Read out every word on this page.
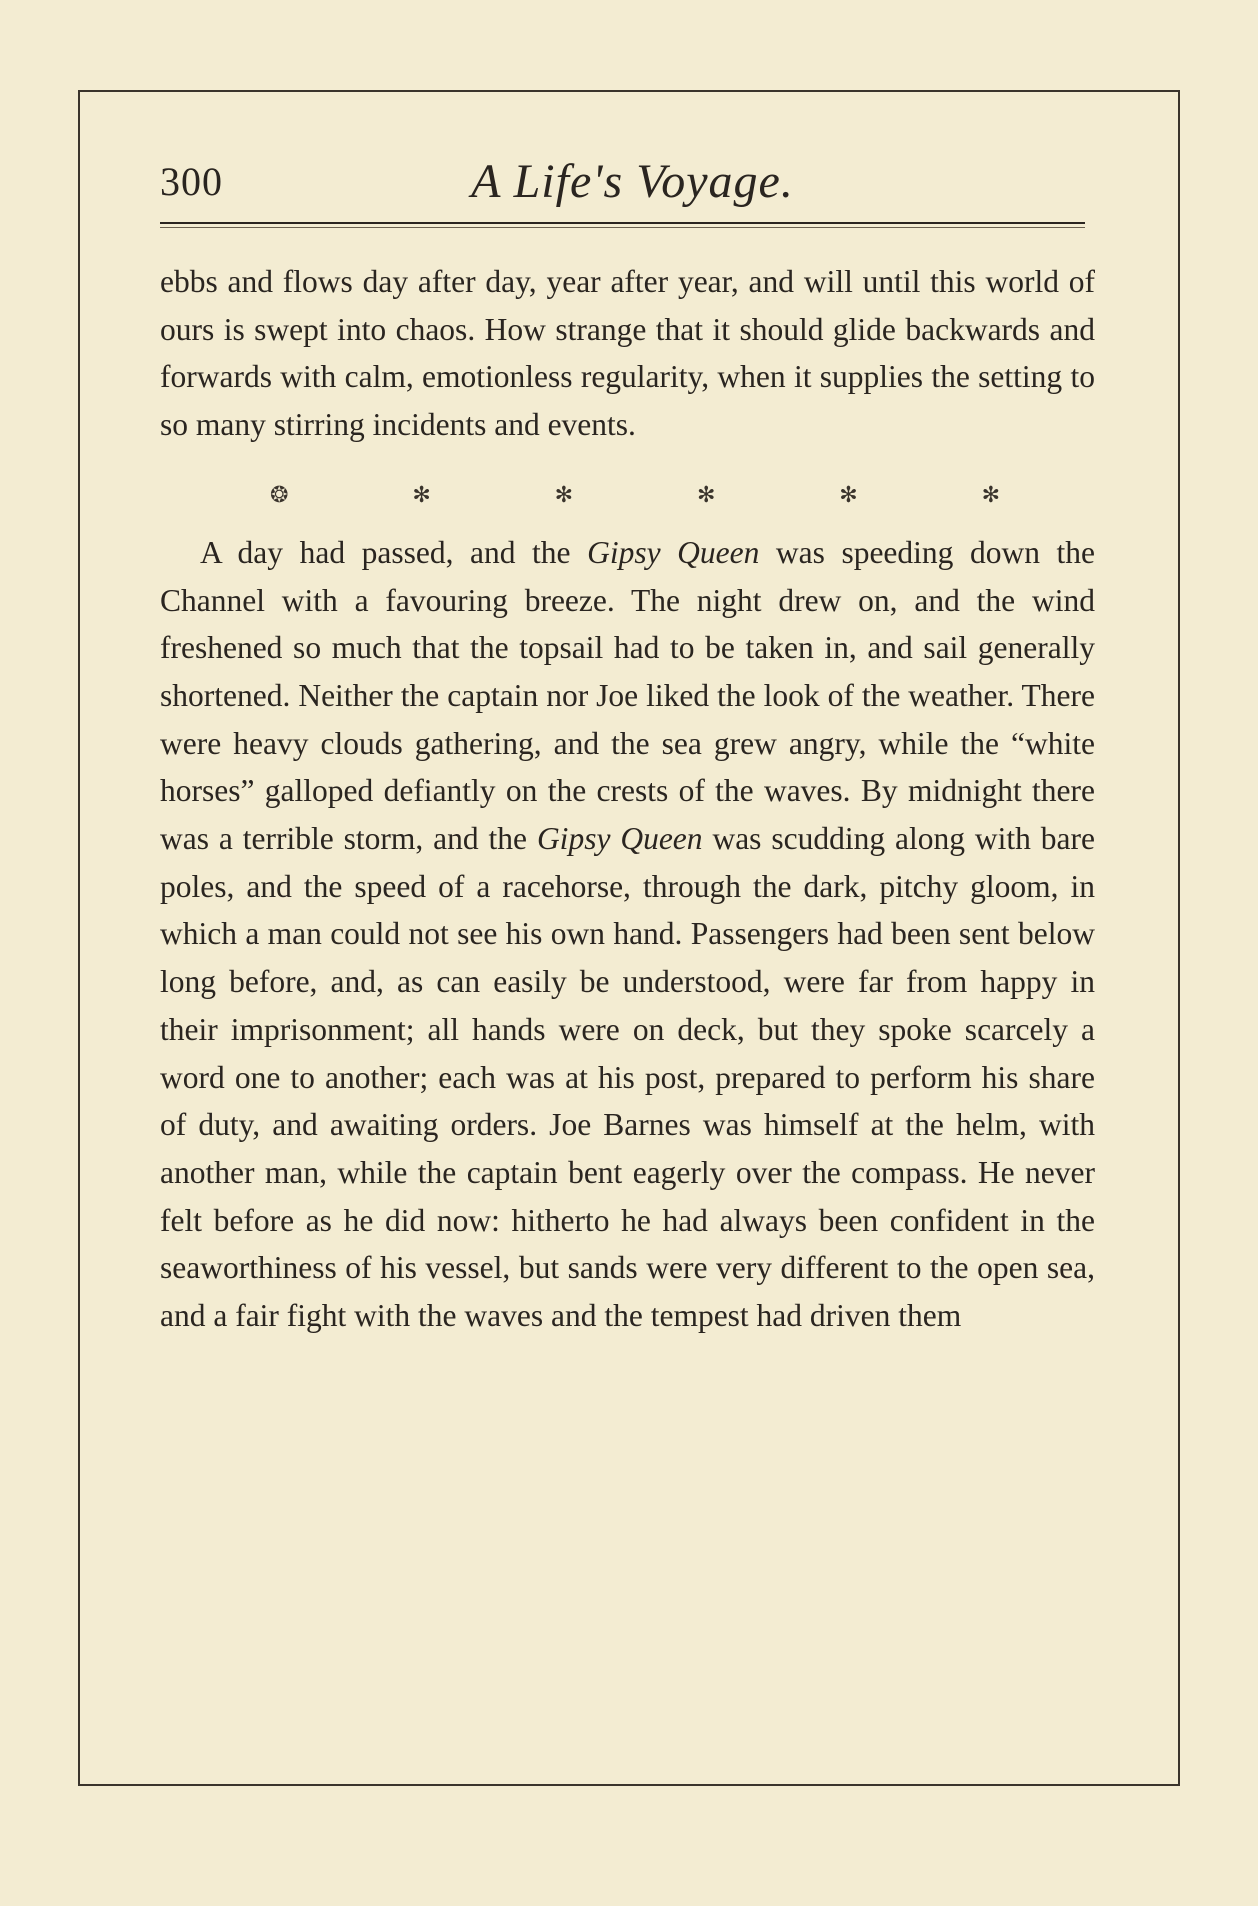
300	A Life's Voyage.

ebbs and flows day after day, year after year, and will until this world of ours is swept into chaos. How strange that it should glide backwards and forwards with calm, emotionless regularity, when it supplies the setting to so many stirring incidents and events.

❂	✻	✻	✻	✻	✻

A day had passed, and the Gipsy Queen was speeding down the Channel with a favouring breeze. The night drew on, and the wind freshened so much that the topsail had to be taken in, and sail generally shortened. Neither the captain nor Joe liked the look of the weather. There were heavy clouds gathering, and the sea grew angry, while the “white horses” galloped defiantly on the crests of the waves. By midnight there was a terrible storm, and the Gipsy Queen was scudding along with bare poles, and the speed of a racehorse, through the dark, pitchy gloom, in which a man could not see his own hand. Passengers had been sent below long before, and, as can easily be understood, were far from happy in their imprisonment; all hands were on deck, but they spoke scarcely a word one to another; each was at his post, prepared to perform his share of duty, and awaiting orders. Joe Barnes was himself at the helm, with another man, while the captain bent eagerly over the compass. He never felt before as he did now: hitherto he had always been confident in the seaworthiness of his vessel, but sands were very different to the open sea, and a fair fight with the waves and the tempest had driven them
